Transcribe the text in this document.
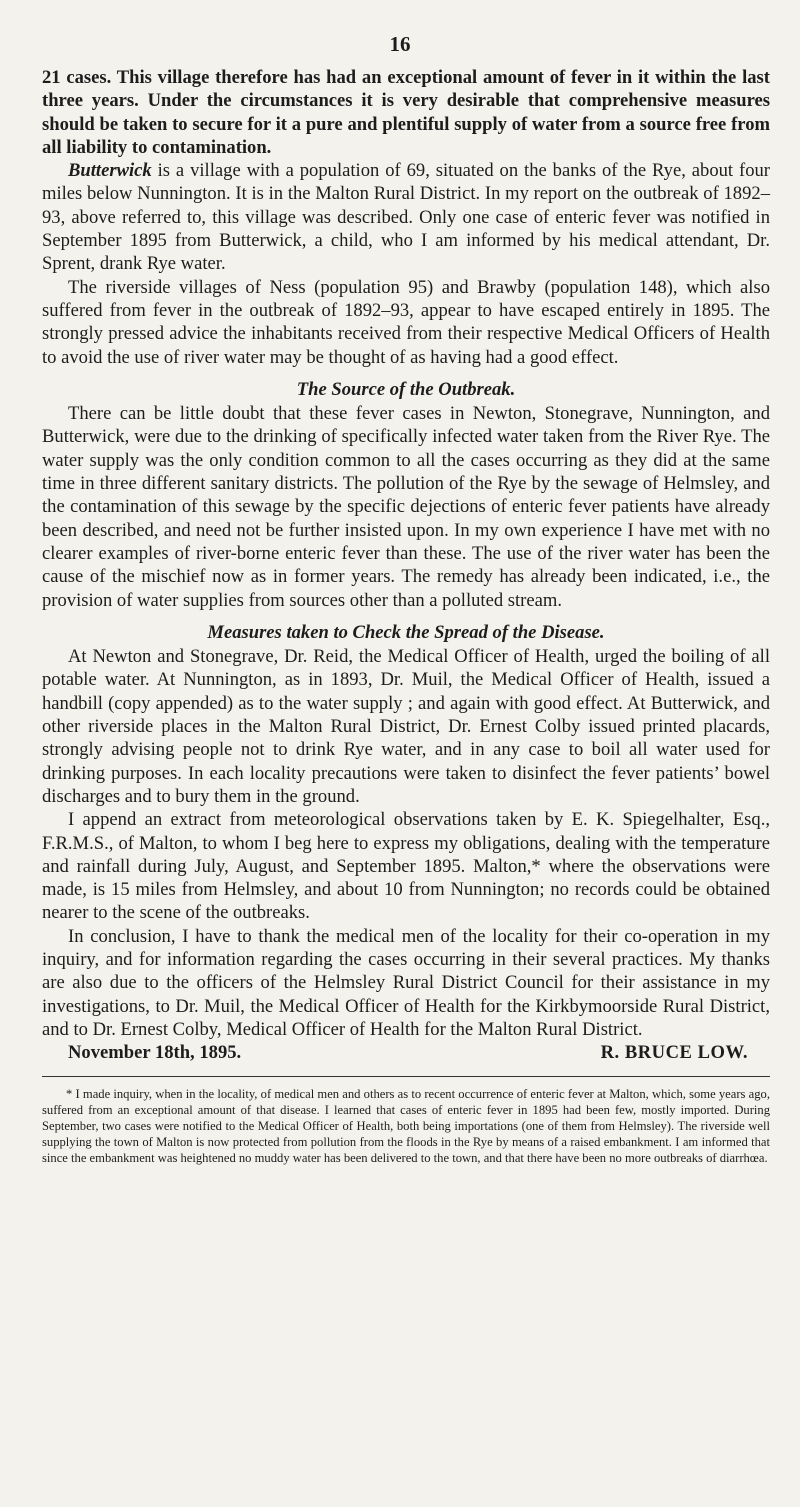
16

21 cases. This village therefore has had an exceptional amount of fever in it within the last three years. Under the circumstances it is very desirable that comprehensive measures should be taken to secure for it a pure and plentiful supply of water from a source free from all liability to contamination.

Butterwick is a village with a population of 69, situated on the banks of the Rye, about four miles below Nunnington. It is in the Malton Rural District. In my report on the outbreak of 1892–93, above referred to, this village was described. Only one case of enteric fever was notified in September 1895 from Butterwick, a child, who I am informed by his medical attendant, Dr. Sprent, drank Rye water.

The riverside villages of Ness (population 95) and Brawby (population 148), which also suffered from fever in the outbreak of 1892–93, appear to have escaped entirely in 1895. The strongly pressed advice the inhabitants received from their respective Medical Officers of Health to avoid the use of river water may be thought of as having had a good effect.

The Source of the Outbreak.

There can be little doubt that these fever cases in Newton, Stonegrave, Nunnington, and Butterwick, were due to the drinking of specifically infected water taken from the River Rye. The water supply was the only condition common to all the cases occurring as they did at the same time in three different sanitary districts. The pollution of the Rye by the sewage of Helmsley, and the contamination of this sewage by the specific dejections of enteric fever patients have already been described, and need not be further insisted upon. In my own experience I have met with no clearer examples of river-borne enteric fever than these. The use of the river water has been the cause of the mischief now as in former years. The remedy has already been indicated, i.e., the provision of water supplies from sources other than a polluted stream.

Measures taken to Check the Spread of the Disease.

At Newton and Stonegrave, Dr. Reid, the Medical Officer of Health, urged the boiling of all potable water. At Nunnington, as in 1893, Dr. Muil, the Medical Officer of Health, issued a handbill (copy appended) as to the water supply ; and again with good effect. At Butterwick, and other riverside places in the Malton Rural District, Dr. Ernest Colby issued printed placards, strongly advising people not to drink Rye water, and in any case to boil all water used for drinking purposes. In each locality precautions were taken to disinfect the fever patients’ bowel discharges and to bury them in the ground.

I append an extract from meteorological observations taken by E. K. Spiegelhalter, Esq., F.R.M.S., of Malton, to whom I beg here to express my obligations, dealing with the temperature and rainfall during July, August, and September 1895. Malton,* where the observations were made, is 15 miles from Helmsley, and about 10 from Nunnington; no records could be obtained nearer to the scene of the outbreaks.

In conclusion, I have to thank the medical men of the locality for their co-operation in my inquiry, and for information regarding the cases occurring in their several practices. My thanks are also due to the officers of the Helmsley Rural District Council for their assistance in my investigations, to Dr. Muil, the Medical Officer of Health for the Kirkbymoorside Rural District, and to Dr. Ernest Colby, Medical Officer of Health for the Malton Rural District.

November 18th, 1895.	R. BRUCE LOW.

* I made inquiry, when in the locality, of medical men and others as to recent occurrence of enteric fever at Malton, which, some years ago, suffered from an exceptional amount of that disease. I learned that cases of enteric fever in 1895 had been few, mostly imported. During September, two cases were notified to the Medical Officer of Health, both being importations (one of them from Helmsley). The riverside well supplying the town of Malton is now protected from pollution from the floods in the Rye by means of a raised embankment. I am informed that since the embankment was heightened no muddy water has been delivered to the town, and that there have been no more outbreaks of diarrhœa.
